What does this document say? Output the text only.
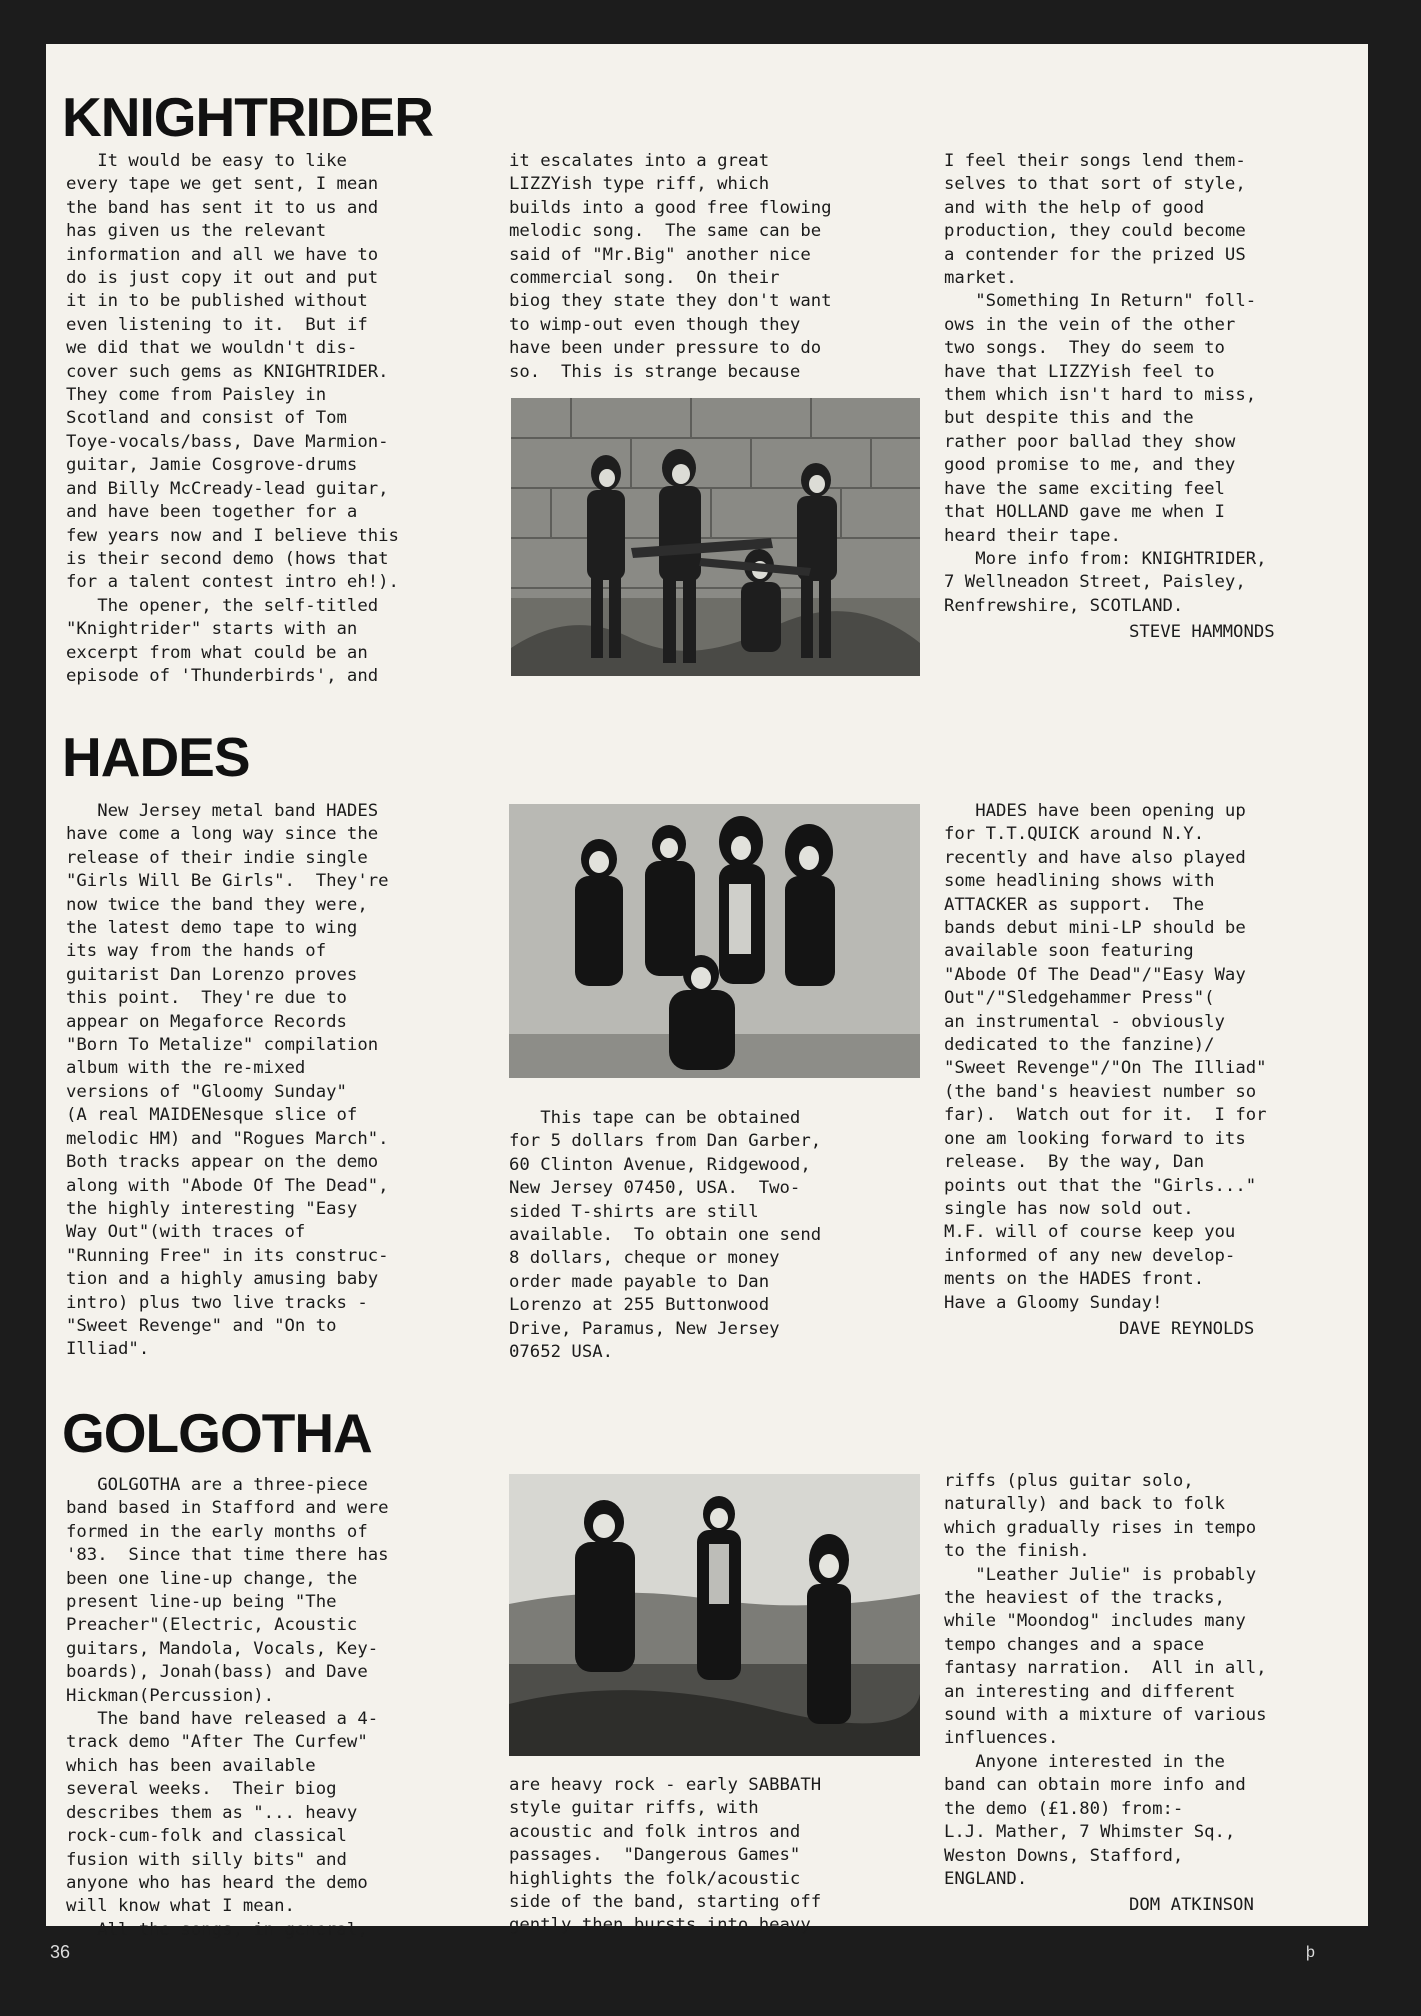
KNIGHTRIDER

It would be easy to like
every tape we get sent, I mean
the band has sent it to us and
has given us the relevant
information and all we have to
do is just copy it out and put
it in to be published without
even listening to it.  But if
we did that we wouldn't dis-
cover such gems as KNIGHTRIDER.
They come from Paisley in
Scotland and consist of Tom
Toye-vocals/bass, Dave Marmion-
guitar, Jamie Cosgrove-drums
and Billy McCready-lead guitar,
and have been together for a
few years now and I believe this
is their second demo (hows that
for a talent contest intro eh!).
The opener, the self-titled
"Knightrider" starts with an
excerpt from what could be an
episode of 'Thunderbirds', and

it escalates into a great
LIZZYish type riff, which
builds into a good free flowing
melodic song.  The same can be
said of "Mr.Big" another nice
commercial song.  On their
biog they state they don't want
to wimp-out even though they
have been under pressure to do
so.  This is strange because

I feel their songs lend them-
selves to that sort of style,
and with the help of good
production, they could become
a contender for the prized US
market.
"Something In Return" foll-
ows in the vein of the other
two songs.  They do seem to
have that LIZZYish feel to
them which isn't hard to miss,
but despite this and the
rather poor ballad they show
good promise to me, and they
have the same exciting feel
that HOLLAND gave me when I
heard their tape.
More info from: KNIGHTRIDER,
7 Wellneadon Street, Paisley,
Renfrewshire, SCOTLAND.

STEVE HAMMONDS

HADES

New Jersey metal band HADES
have come a long way since the
release of their indie single
"Girls Will Be Girls".  They're
now twice the band they were,
the latest demo tape to wing
its way from the hands of
guitarist Dan Lorenzo proves
this point.  They're due to
appear on Megaforce Records
"Born To Metalize" compilation
album with the re-mixed
versions of "Gloomy Sunday"
(A real MAIDENesque slice of
melodic HM) and "Rogues March".
Both tracks appear on the demo
along with "Abode Of The Dead",
the highly interesting "Easy
Way Out"(with traces of
"Running Free" in its construc-
tion and a highly amusing baby
intro) plus two live tracks -
"Sweet Revenge" and "On to
Illiad".

This tape can be obtained
for 5 dollars from Dan Garber,
60 Clinton Avenue, Ridgewood,
New Jersey 07450, USA.  Two-
sided T-shirts are still
available.  To obtain one send
8 dollars, cheque or money
order made payable to Dan
Lorenzo at 255 Buttonwood
Drive, Paramus, New Jersey
07652 USA.

HADES have been opening up
for T.T.QUICK around N.Y.
recently and have also played
some headlining shows with
ATTACKER as support.  The
bands debut mini-LP should be
available soon featuring
"Abode Of The Dead"/"Easy Way
Out"/"Sledgehammer Press"(
an instrumental - obviously
dedicated to the fanzine)/
"Sweet Revenge"/"On The Illiad"
(the band's heaviest number so
far).  Watch out for it.  I for
one am looking forward to its
release.  By the way, Dan
points out that the "Girls..."
single has now sold out.
M.F. will of course keep you
informed of any new develop-
ments on the HADES front.
Have a Gloomy Sunday!

DAVE REYNOLDS

GOLGOTHA

GOLGOTHA are a three-piece
band based in Stafford and were
formed in the early months of
'83.  Since that time there has
been one line-up change, the
present line-up being "The
Preacher"(Electric, Acoustic
guitars, Mandola, Vocals, Key-
boards), Jonah(bass) and Dave
Hickman(Percussion).
The band have released a 4-
track demo "After The Curfew"
which has been available
several weeks.  Their biog
describes them as "... heavy
rock-cum-folk and classical
fusion with silly bits" and
anyone who has heard the demo
will know what I mean.
All the songs, in general,

are heavy rock - early SABBATH
style guitar riffs, with
acoustic and folk intros and
passages.  "Dangerous Games"
highlights the folk/acoustic
side of the band, starting off
gently then bursts into heavy

riffs (plus guitar solo,
naturally) and back to folk
which gradually rises in tempo
to the finish.
"Leather Julie" is probably
the heaviest of the tracks,
while "Moondog" includes many
tempo changes and a space
fantasy narration.  All in all,
an interesting and different
sound with a mixture of various
influences.
Anyone interested in the
band can obtain more info and
the demo (£1.80) from:-
L.J. Mather, 7 Whimster Sq.,
Weston Downs, Stafford,
ENGLAND.

DOM ATKINSON

36	þ
